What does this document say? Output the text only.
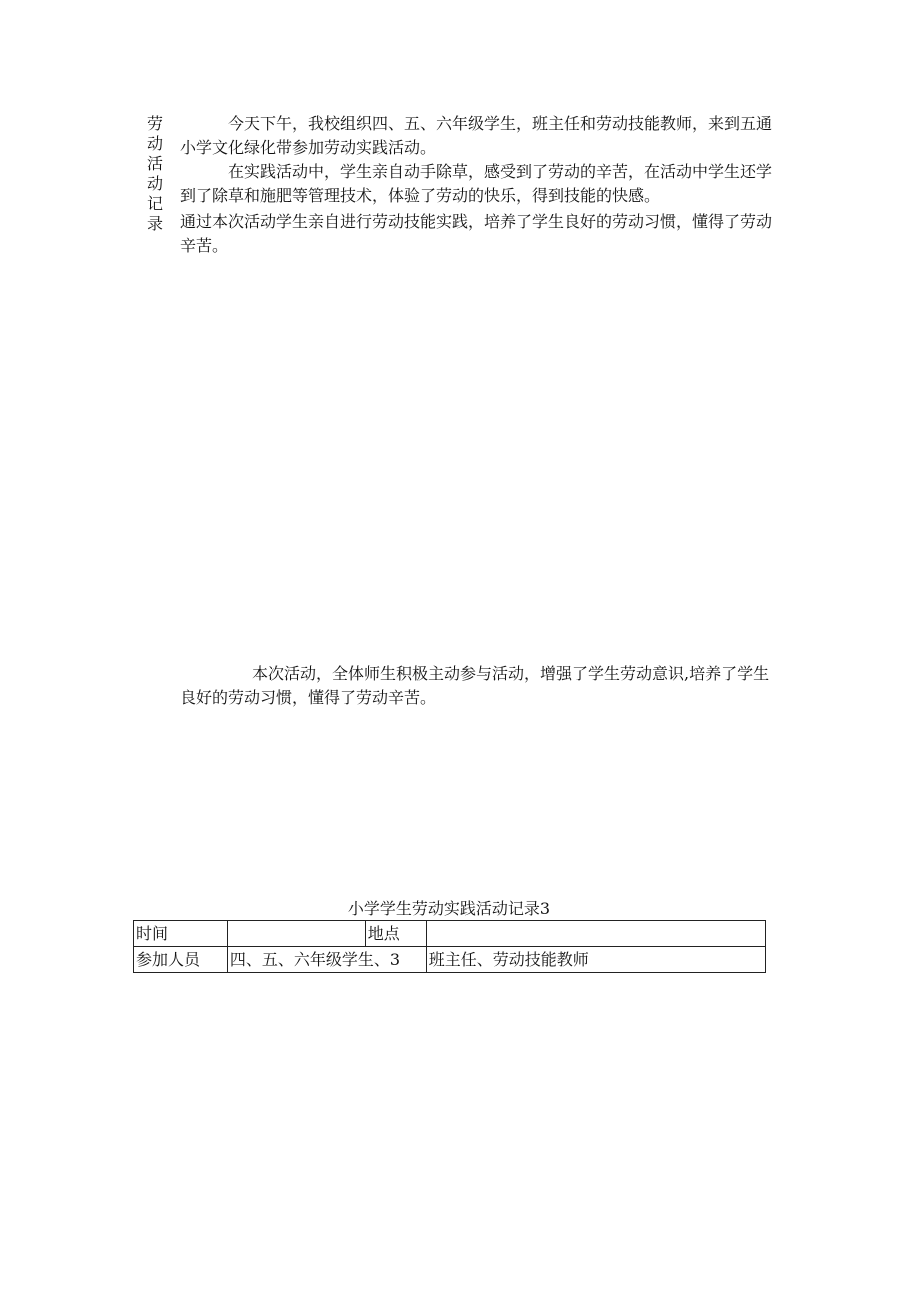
劳动活动记录

今天下午，我校组织四、五、六年级学生，班主任和劳动技能教师，来到五通小学文化绿化带参加劳动实践活动。

在实践活动中，学生亲自动手除草，感受到了劳动的辛苦，在活动中学生还学到了除草和施肥等管理技术，体验了劳动的快乐，得到技能的快感。

通过本次活动学生亲自进行劳动技能实践，培养了学生良好的劳动习惯，懂得了劳动辛苦。

本次活动，全体师生积极主动参与活动，增强了学生劳动意识,培养了学生良好的劳动习惯，懂得了劳动辛苦。

小学学生劳动实践活动记录3
时间		地点	
参加人员	四、五、六年级学生、3		班主任、劳动技能教师
